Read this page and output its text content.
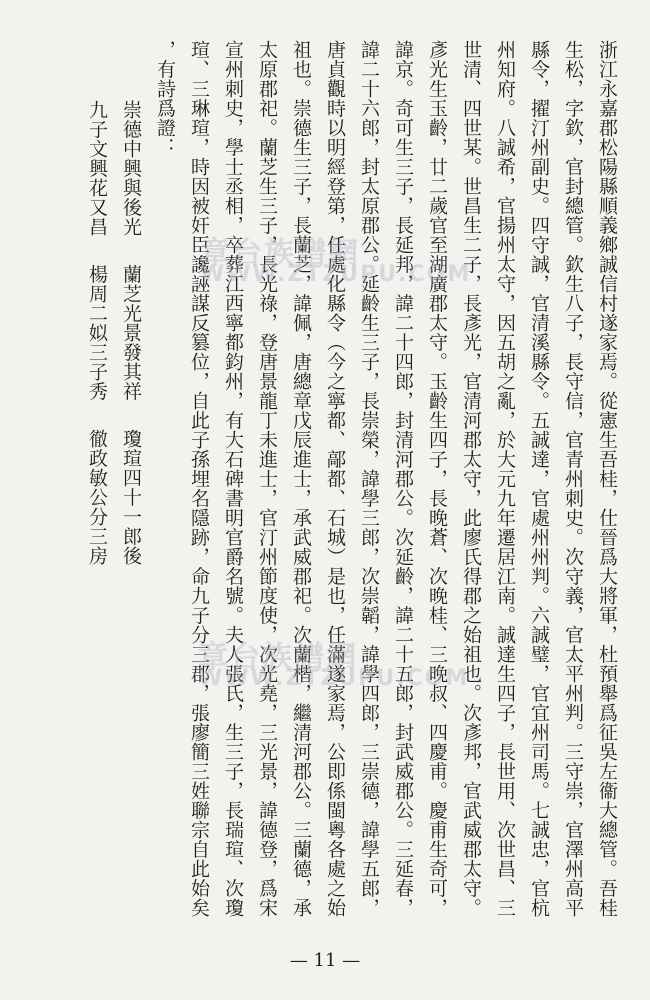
浙江永嘉郡松陽縣順義鄉誠信村遂家焉。從憲生吾桂，仕晉爲大將軍，杜預舉爲征吳左衞大總管。吾桂
生松，字欽，官封總管。欽生八子，長守信，官青州刺史。次守義，官太平州判。三守崇，官澤州高平
縣令，擢汀州副史。四守誠，官清溪縣令。五誠達，官處州州判。六誠璧，官宜州司馬。七誠忠，官杭
州知府。八誠希，官揚州太守，因五胡之亂，於大元九年遷居江南。誠達生四子，長世用、次世昌、三
世清、四世某。世昌生二子，長彥光，官清河郡太守，此廖氏得郡之始祖也。次彥邦，官武威郡太守。
彥光生玉齡，廿二歲官至湖廣郡太守。玉齡生四子，長晚蒼、次晚桂、三晚叔、四慶甫。慶甫生奇可，
諱京。奇可生三子，長延邦，諱二十四郎，封清河郡公。次延齡，諱二十五郎，封武威郡公。三延春，
諱二十六郎，封太原郡公。延齡生三子，長崇榮，諱學三郎，次崇韜，諱學四郎，三崇德，諱學五郎，
唐貞觀時以明經登第，任處化縣令（今之寧都、鄗都、石城）是也，任滿遂家焉，公即係閩粵各處之始
祖也。崇德生三子，長蘭芝，諱佩，唐總章戊辰進士，承武威郡祀。次蘭楷，繼清河郡公。三蘭德，承
太原郡祀。蘭芝生三子，長光祿，登唐景龍丁未進士，官汀州節度使，次光堯，三光景，諱德登，爲宋
宣州刺史，學士丞相，卒葬江西寧都鈞州，有大石碑書明官爵名號。夫人張氏，生三子，長瑞瑄、次瓊
瑄、三琳瑄，時因被奸臣讒誣謀反篡位，自此子孫埋名隱跡，命九子分三郡，張廖簡三姓聯宗自此始矣
，有詩爲證：
崇德中興與後光蘭芝光景發其祥瓊瑄四十一郎後
九子文興花又昌楊周二姒三子秀徹政敏公分三房
章台族譜網
WWW.ZTZUPU.COM
章台族譜網
WWW.ZTZUPU.COM
— 11 —
